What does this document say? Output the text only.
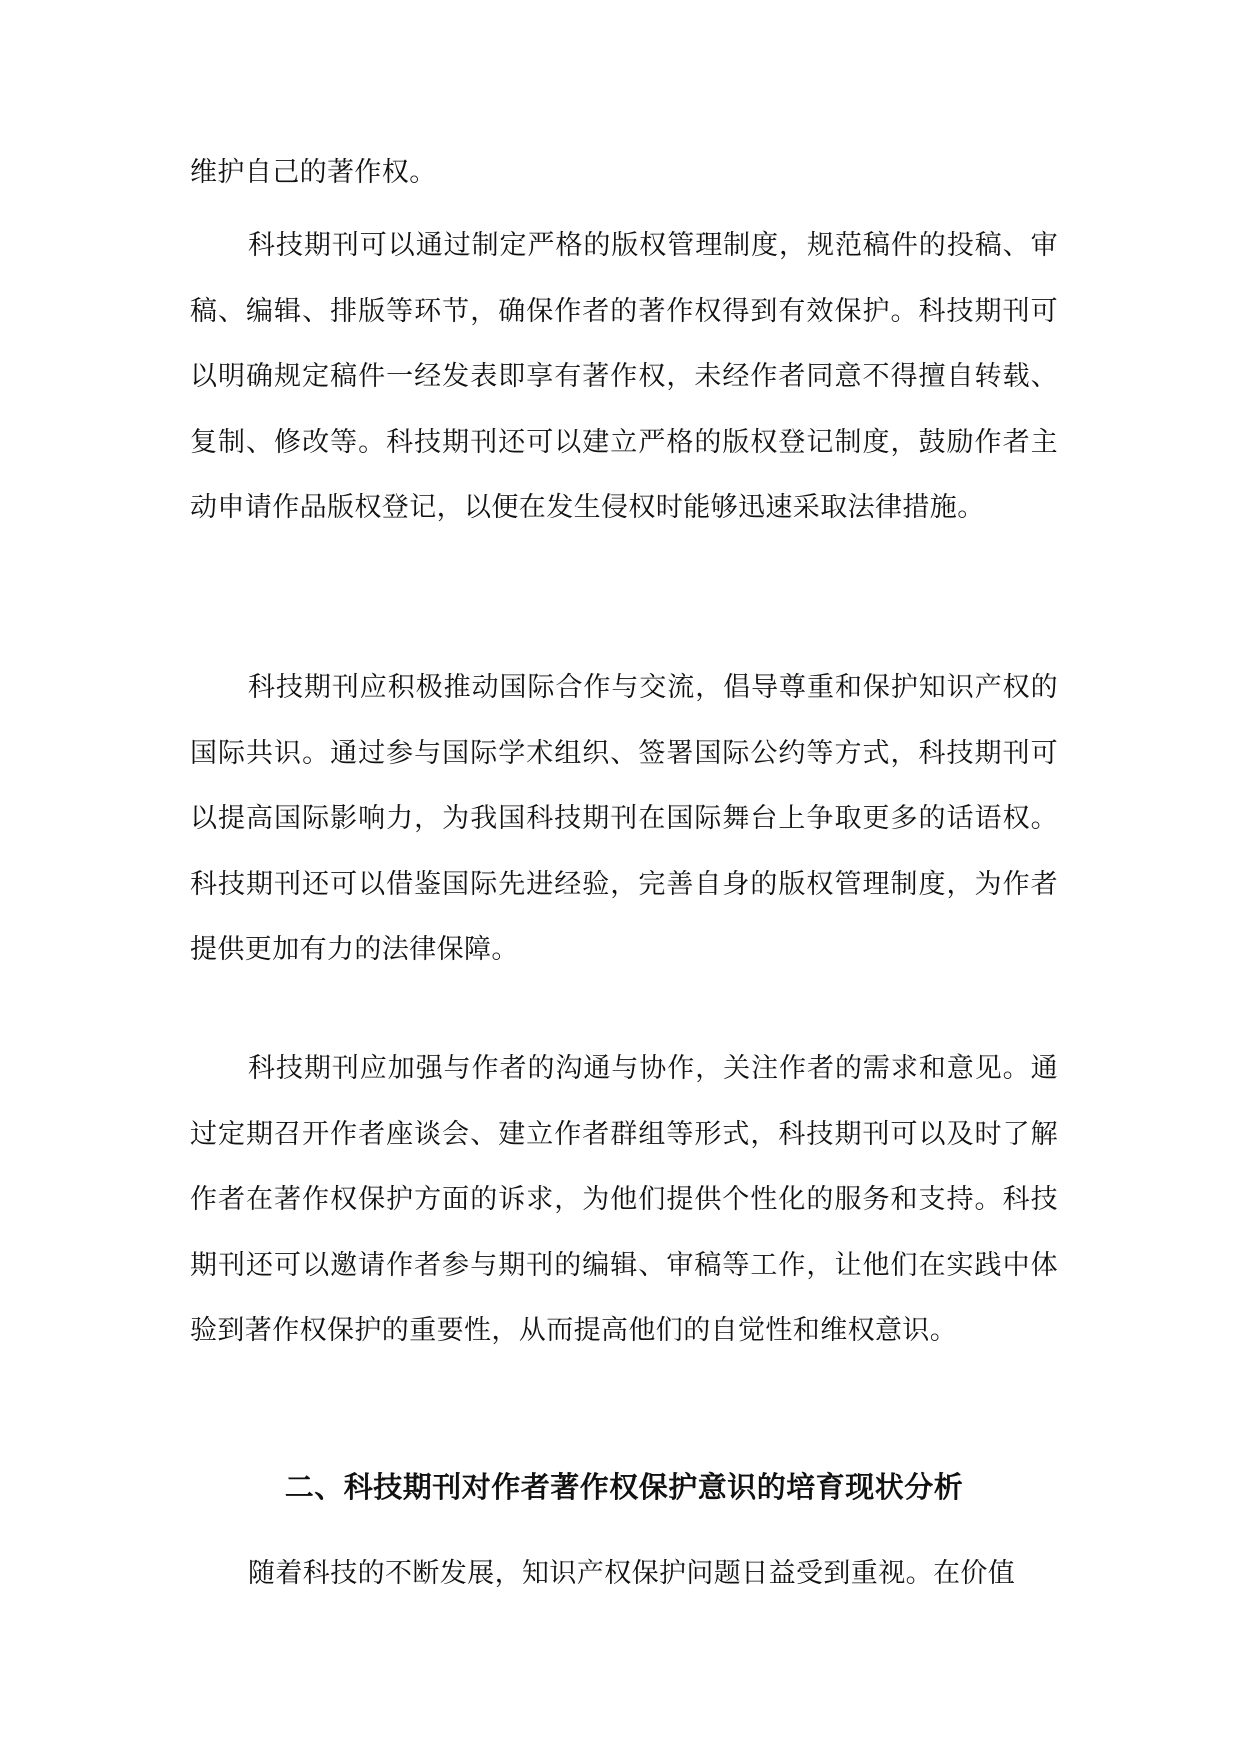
维护自己的著作权。

科技期刊可以通过制定严格的版权管理制度，规范稿件的投稿、审稿、编辑、排版等环节，确保作者的著作权得到有效保护。科技期刊可以明确规定稿件一经发表即享有著作权，未经作者同意不得擅自转载、复制、修改等。科技期刊还可以建立严格的版权登记制度，鼓励作者主动申请作品版权登记，以便在发生侵权时能够迅速采取法律措施。

科技期刊应积极推动国际合作与交流，倡导尊重和保护知识产权的国际共识。通过参与国际学术组织、签署国际公约等方式，科技期刊可以提高国际影响力，为我国科技期刊在国际舞台上争取更多的话语权。科技期刊还可以借鉴国际先进经验，完善自身的版权管理制度，为作者提供更加有力的法律保障。

科技期刊应加强与作者的沟通与协作，关注作者的需求和意见。通过定期召开作者座谈会、建立作者群组等形式，科技期刊可以及时了解作者在著作权保护方面的诉求，为他们提供个性化的服务和支持。科技期刊还可以邀请作者参与期刊的编辑、审稿等工作，让他们在实践中体验到著作权保护的重要性，从而提高他们的自觉性和维权意识。

二、科技期刊对作者著作权保护意识的培育现状分析

随着科技的不断发展，知识产权保护问题日益受到重视。在价值
